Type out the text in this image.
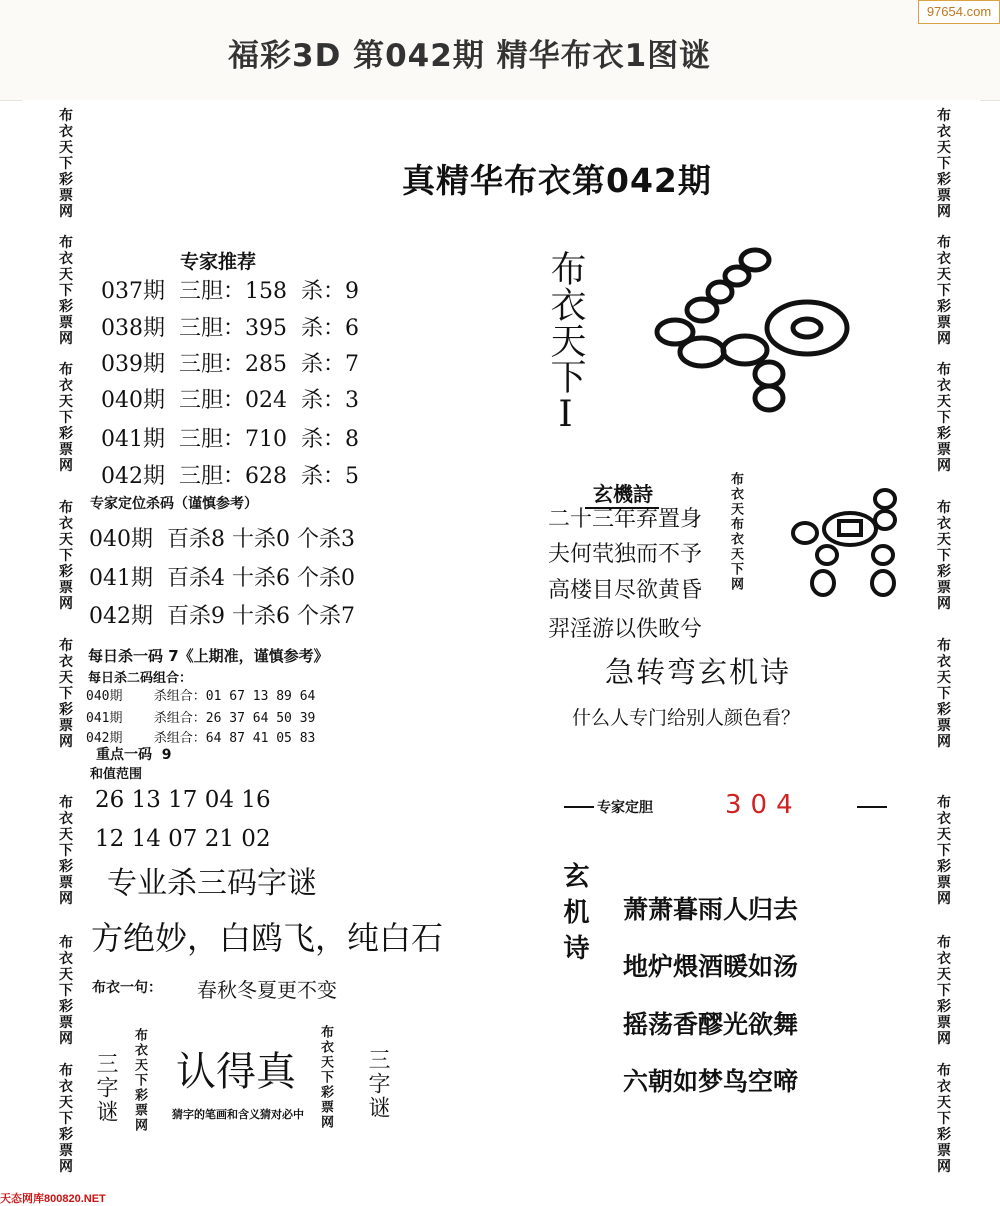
97654.com
福彩3D 第042期 精华布衣1图谜
布
衣
天
下
彩
票
网
布
衣
天
下
彩
票
网
布
衣
天
下
彩
票
网
布
衣
天
下
彩
票
网
布
衣
天
下
彩
票
网
布
衣
天
下
彩
票
网
布
衣
天
下
彩
票
网
布
衣
天
下
彩
票
网
布
衣
天
下
彩
票
网
布
衣
天
下
彩
票
网
布
衣
天
下
彩
票
网
布
衣
天
下
彩
票
网
布
衣
天
下
彩
票
网
布
衣
天
下
彩
票
网
布
衣
天
下
彩
票
网
布
衣
天
下
彩
票
网
真精华布衣第042期
专家推荐
037期  三胆：158  杀：9
038期  三胆：395  杀：6
039期  三胆：285  杀：7
040期  三胆：024  杀：3
041期  三胆：710  杀：8
042期  三胆：628  杀：5
专家定位杀码（谨慎参考）
040期  百杀8 十杀0 个杀3
041期  百杀4 十杀6 个杀0
042期  百杀9 十杀6 个杀7
每日杀一码 7《上期准，谨慎参考》
每日杀二码组合：
040期    杀组合：01 67 13 89 64
041期    杀组合：26 37 64 50 39
042期    杀组合：64 87 41 05 83
重点一码  9
和值范围
26 13 17 04 16
12 14 07 21 02
专业杀三码字谜
方绝妙，白鸥飞，纯白石
布衣一句： 春秋冬夏更不变
三字谜 布衣天下彩票网 认得真
猜字的笔画和含义猜对必中	布衣天下彩票网 三字谜
布衣天下I
玄機詩
二十三年弃置身
夫何茕独而不予
高楼目尽欲黄昏
羿淫游以佚畋兮
布衣天布衣天下网
急转弯玄机诗
什么人专门给别人颜色看？
专家定胆	304
玄机诗 萧萧暮雨人归去
地炉煨酒暖如汤
摇荡香醪光欲舞
六朝如梦鸟空啼
天态网库800820.NET
